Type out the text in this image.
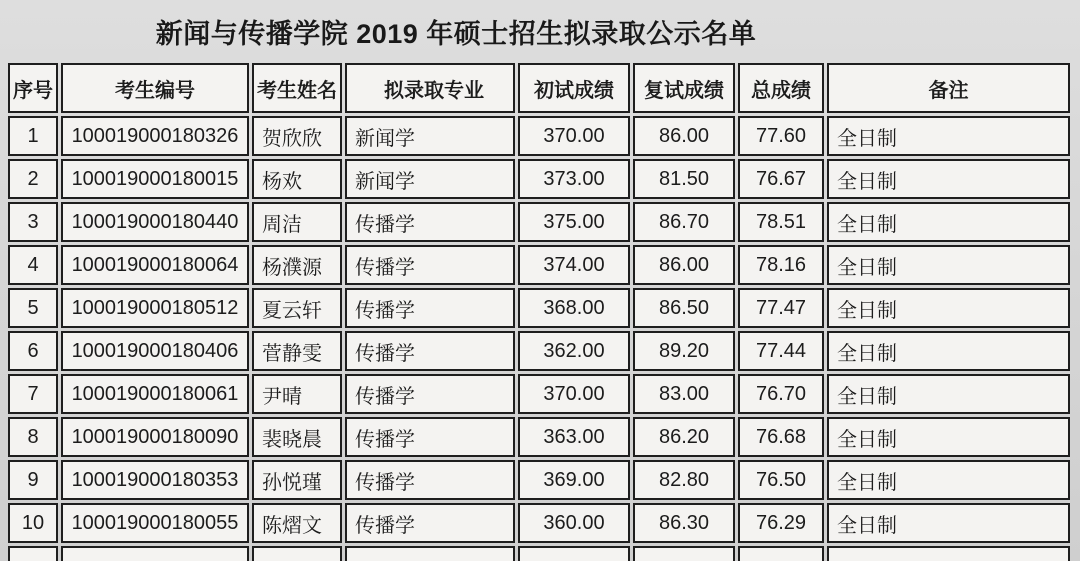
新闻与传播学院 2019 年硕士招生拟录取公示名单
序号	考生编号	考生姓名	拟录取专业	初试成绩	复试成绩	总成绩	备注
1	100019000180326	贺欣欣	新闻学	370.00	86.00	77.60	全日制
2	100019000180015	杨欢	新闻学	373.00	81.50	76.67	全日制
3	100019000180440	周洁	传播学	375.00	86.70	78.51	全日制
4	100019000180064	杨濮源	传播学	374.00	86.00	78.16	全日制
5	100019000180512	夏云轩	传播学	368.00	86.50	77.47	全日制
6	100019000180406	菅静雯	传播学	362.00	89.20	77.44	全日制
7	100019000180061	尹晴	传播学	370.00	83.00	76.70	全日制
8	100019000180090	裴晓晨	传播学	363.00	86.20	76.68	全日制
9	100019000180353	孙悦瑾	传播学	369.00	82.80	76.50	全日制
10	100019000180055	陈熠文	传播学	360.00	86.30	76.29	全日制
